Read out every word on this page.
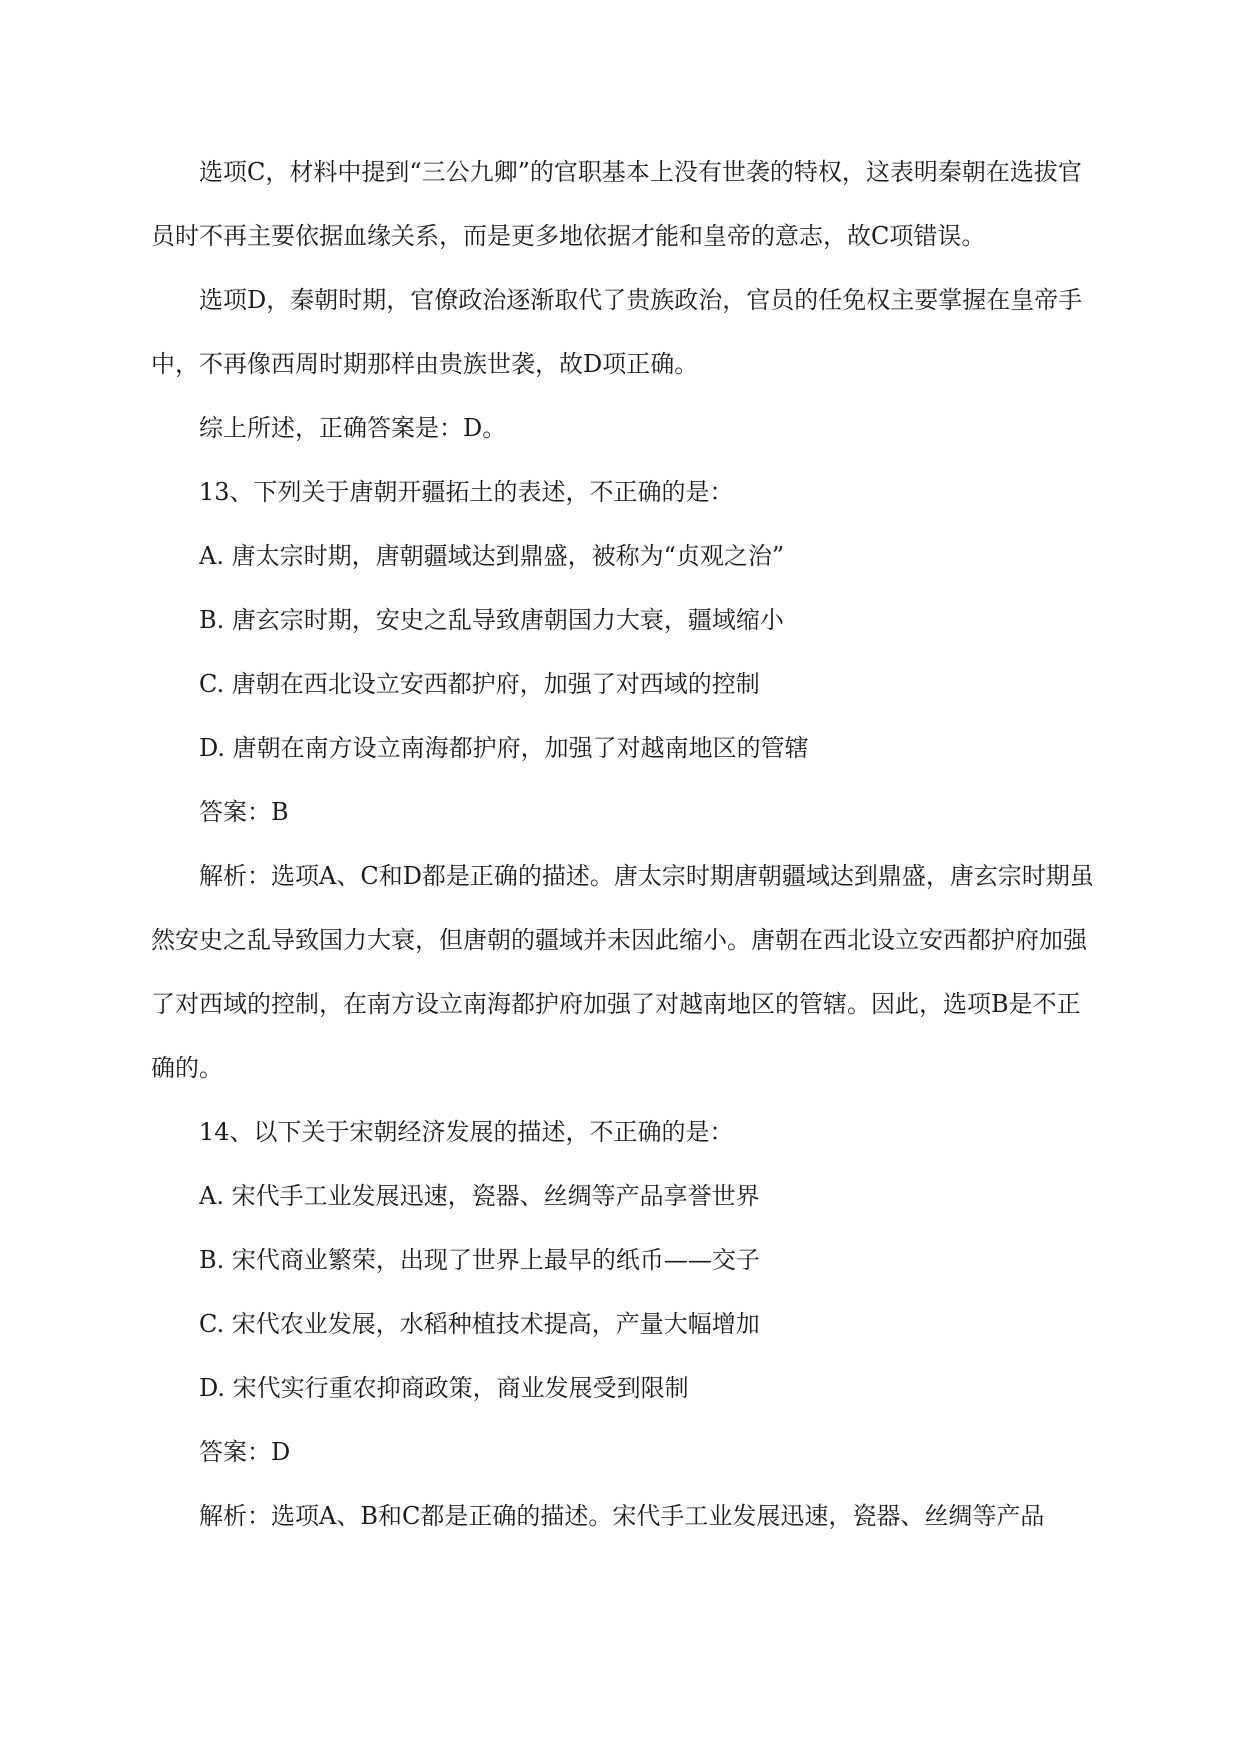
选项C，材料中提到“三公九卿”的官职基本上没有世袭的特权，这表明秦朝在选拔官员时不再主要依据血缘关系，而是更多地依据才能和皇帝的意志，故C项错误。

选项D，秦朝时期，官僚政治逐渐取代了贵族政治，官员的任免权主要掌握在皇帝手中，不再像西周时期那样由贵族世袭，故D项正确。

综上所述，正确答案是：D。

13、下列关于唐朝开疆拓土的表述，不正确的是：

A. 唐太宗时期，唐朝疆域达到鼎盛，被称为“贞观之治”

B. 唐玄宗时期，安史之乱导致唐朝国力大衰，疆域缩小

C. 唐朝在西北设立安西都护府，加强了对西域的控制

D. 唐朝在南方设立南海都护府，加强了对越南地区的管辖

答案：B

解析：选项A、C和D都是正确的描述。唐太宗时期唐朝疆域达到鼎盛，唐玄宗时期虽然安史之乱导致国力大衰，但唐朝的疆域并未因此缩小。唐朝在西北设立安西都护府加强了对西域的控制，在南方设立南海都护府加强了对越南地区的管辖。因此，选项B是不正确的。

14、以下关于宋朝经济发展的描述，不正确的是：

A. 宋代手工业发展迅速，瓷器、丝绸等产品享誉世界

B. 宋代商业繁荣，出现了世界上最早的纸币——交子

C. 宋代农业发展，水稻种植技术提高，产量大幅增加

D. 宋代实行重农抑商政策，商业发展受到限制

答案：D

解析：选项A、B和C都是正确的描述。宋代手工业发展迅速，瓷器、丝绸等产品
